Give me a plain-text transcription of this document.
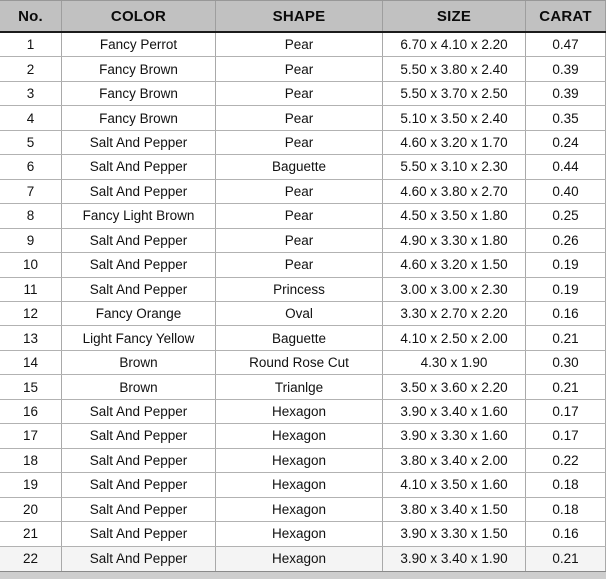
No.	COLOR	SHAPE	SIZE	CARAT
1	Fancy Perrot	Pear	6.70 x 4.10 x 2.20	0.47
2	Fancy Brown	Pear	5.50 x 3.80 x 2.40	0.39
3	Fancy Brown	Pear	5.50 x 3.70 x 2.50	0.39
4	Fancy Brown	Pear	5.10 x 3.50 x 2.40	0.35
5	Salt And Pepper	Pear	4.60 x 3.20 x 1.70	0.24
6	Salt And Pepper	Baguette	5.50 x 3.10 x 2.30	0.44
7	Salt And Pepper	Pear	4.60 x 3.80 x 2.70	0.40
8	Fancy Light Brown	Pear	4.50 x 3.50 x 1.80	0.25
9	Salt And Pepper	Pear	4.90 x 3.30 x 1.80	0.26
10	Salt And Pepper	Pear	4.60 x 3.20 x 1.50	0.19
11	Salt And Pepper	Princess	3.00 x 3.00 x 2.30	0.19
12	Fancy Orange	Oval	3.30 x 2.70 x 2.20	0.16
13	Light Fancy Yellow	Baguette	4.10 x 2.50 x 2.00	0.21
14	Brown	Round Rose Cut	4.30 x 1.90	0.30
15	Brown	Trianlge	3.50 x 3.60 x 2.20	0.21
16	Salt And Pepper	Hexagon	3.90 x 3.40 x 1.60	0.17
17	Salt And Pepper	Hexagon	3.90 x 3.30 x 1.60	0.17
18	Salt And Pepper	Hexagon	3.80 x 3.40 x 2.00	0.22
19	Salt And Pepper	Hexagon	4.10 x 3.50 x 1.60	0.18
20	Salt And Pepper	Hexagon	3.80 x 3.40 x 1.50	0.18
21	Salt And Pepper	Hexagon	3.90 x 3.30 x 1.50	0.16
22	Salt And Pepper	Hexagon	3.90 x 3.40 x 1.90	0.21
